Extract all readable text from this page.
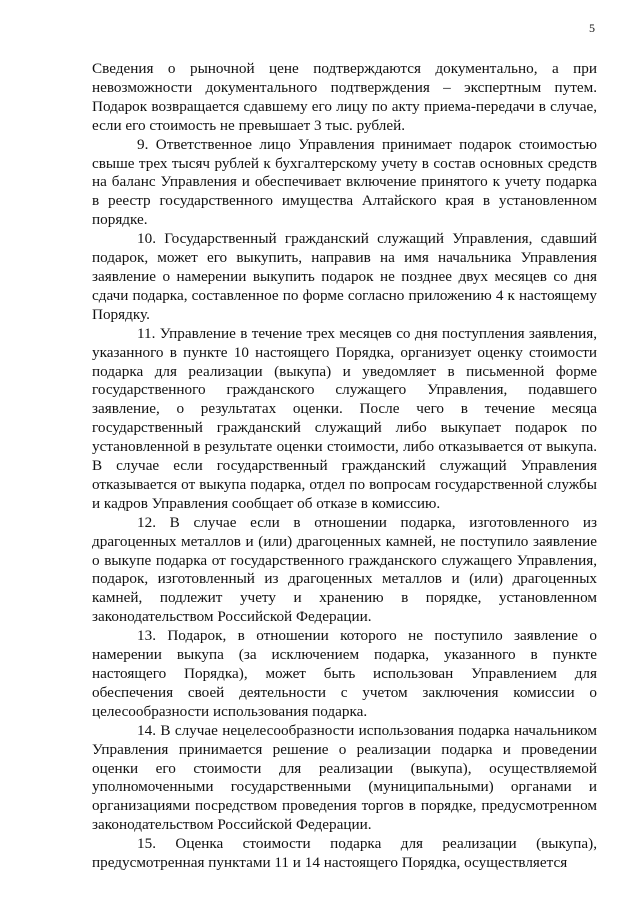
5

Сведения о рыночной цене подтверждаются документально, а при невозможности документального подтверждения – экспертным путем. Подарок возвращается сдавшему его лицу по акту приема-передачи в случае, если его стоимость не превышает 3 тыс. рублей.

9. Ответственное лицо Управления принимает подарок стоимостью свыше трех тысяч рублей к бухгалтерскому учету в состав основных средств на баланс Управления и обеспечивает включение принятого к учету подарка в реестр государственного имущества Алтайского края в установленном порядке.

10. Государственный гражданский служащий Управления, сдавший подарок, может его выкупить, направив на имя начальника Управления заявление о намерении выкупить подарок не позднее двух месяцев со дня сдачи подарка, составленное по форме согласно приложению 4 к настоящему Порядку.

11. Управление в течение трех месяцев со дня поступления заявления, указанного в пункте 10 настоящего Порядка, организует оценку стоимости подарка для реализации (выкупа) и уведомляет в письменной форме государственного гражданского служащего Управления, подавшего заявление, о результатах оценки. После чего в течение месяца государственный гражданский служащий либо выкупает подарок по установленной в результате оценки стоимости, либо отказывается от выкупа. В случае если государственный гражданский служащий Управления отказывается от выкупа подарка, отдел по вопросам государственной службы и кадров Управления сообщает об отказе в комиссию.

12. В случае если в отношении подарка, изготовленного из драгоценных металлов и (или) драгоценных камней, не поступило заявление о выкупе подарка от государственного гражданского служащего Управления, подарок, изготовленный из драгоценных металлов и (или) драгоценных камней, подлежит учету и хранению в порядке, установленном законодательством Российской Федерации.

13. Подарок, в отношении которого не поступило заявление о намерении выкупа (за исключением подарка, указанного в пункте настоящего Порядка), может быть использован Управлением для обеспечения своей деятельности с учетом заключения комиссии о целесообразности использования подарка.

14. В случае нецелесообразности использования подарка начальником Управления принимается решение о реализации подарка и проведении оценки его стоимости для реализации (выкупа), осуществляемой уполномоченными государственными (муниципальными) органами и организациями посредством проведения торгов в порядке, предусмотренном законодательством Российской Федерации.

15. Оценка стоимости подарка для реализации (выкупа), предусмотренная пунктами 11 и 14 настоящего Порядка, осуществляется
